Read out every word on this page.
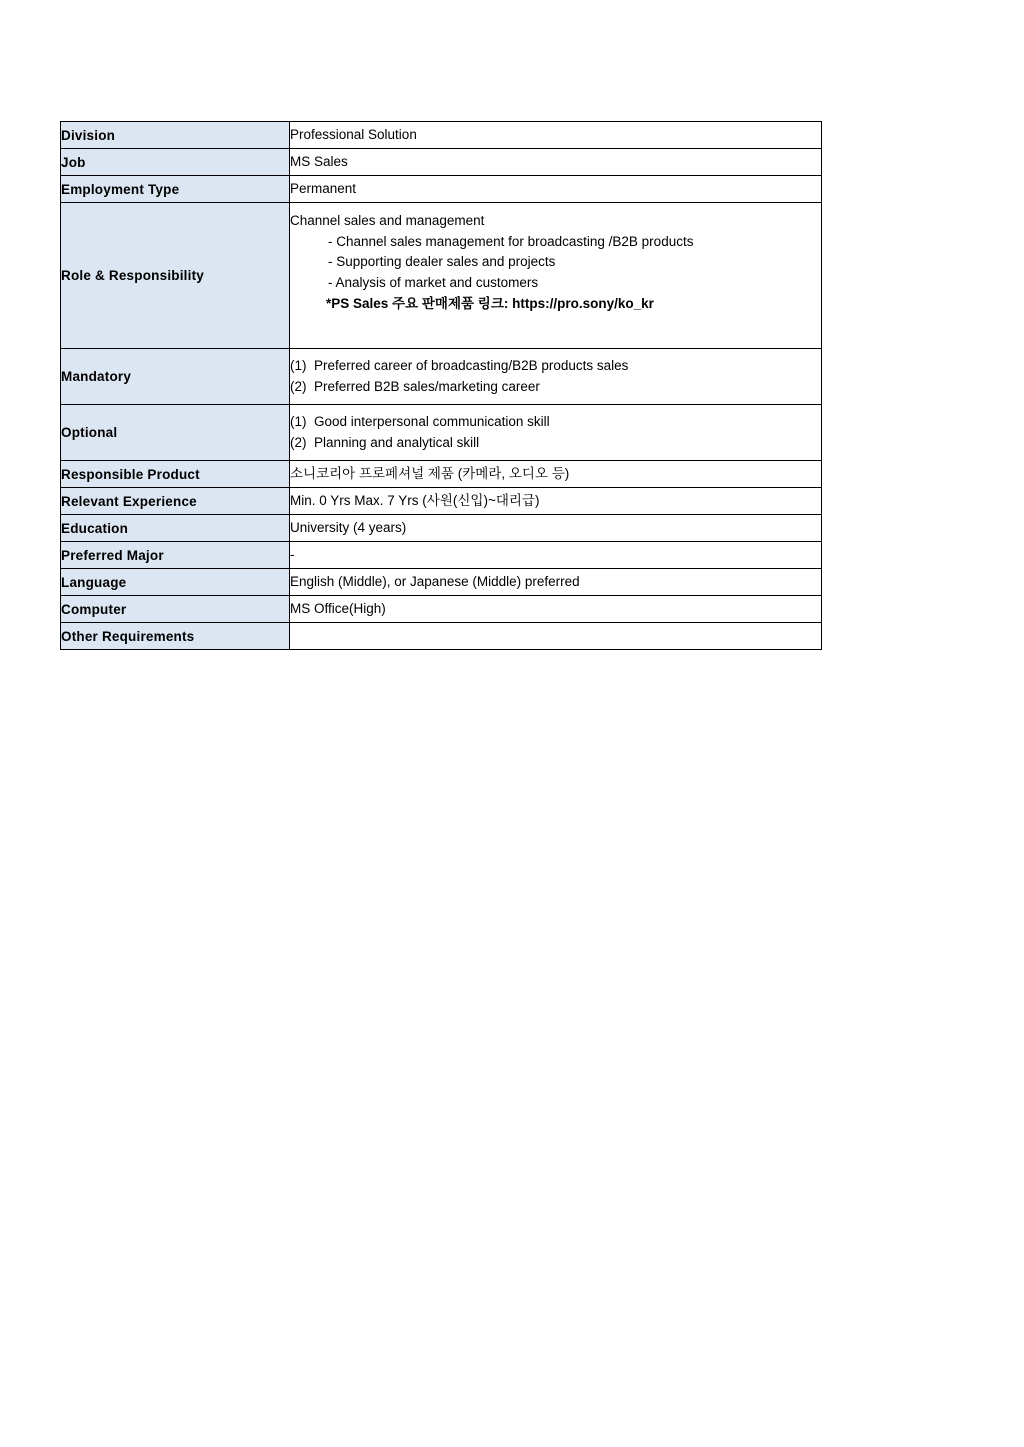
Division	Professional Solution
Job	MS Sales
Employment Type	Permanent
Role & Responsibility	Channel sales and management
- Channel sales management for broadcasting /B2B products
- Supporting dealer sales and projects
- Analysis of market and customers
*PS Sales 주요 판매제품 링크: https://pro.sony/ko_kr

Mandatory	(1)  Preferred career of broadcasting/B2B products sales
(2)  Preferred B2B sales/marketing career

Optional	(1)  Good interpersonal communication skill
(2)  Planning and analytical skill

Responsible Product	소니코리아 프로페셔널 제품 (카메라, 오디오 등)
Relevant Experience	Min. 0 Yrs Max. 7 Yrs (사원(신입)~대리급)
Education	University (4 years)
Preferred Major	-
Language	English (Middle), or Japanese (Middle) preferred
Computer	MS Office(High)
Other Requirements	
